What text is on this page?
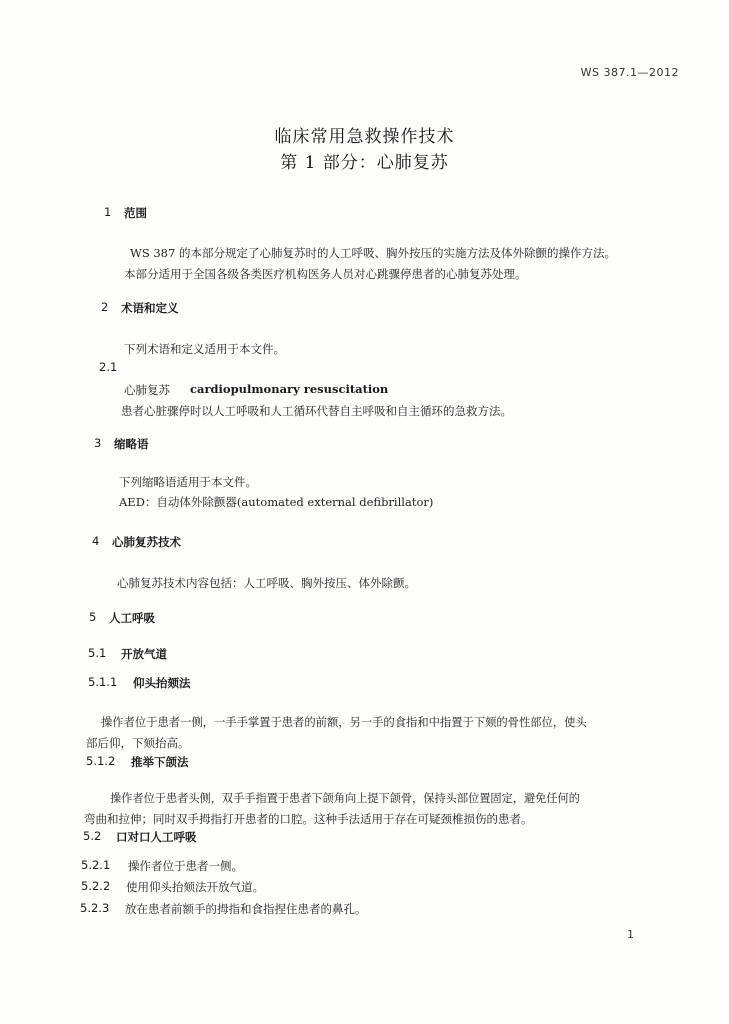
WS 387.1—2012
临床常用急救操作技术
第 1 部分：心肺复苏
1 范围
WS 387 的本部分规定了心肺复苏时的人工呼吸、胸外按压的实施方法及体外除颤的操作方法。
本部分适用于全国各级各类医疗机构医务人员对心跳骤停患者的心肺复苏处理。
2 术语和定义
下列术语和定义适用于本文件。
2.1
心肺复苏 cardiopulmonary resuscitation
患者心脏骤停时以人工呼吸和人工循环代替自主呼吸和自主循环的急救方法。
3 缩略语
下列缩略语适用于本文件。
AED：自动体外除颤器(automated external defibrillator)
4 心肺复苏技术
心肺复苏技术内容包括：人工呼吸、胸外按压、体外除颤。
5 人工呼吸
5.1 开放气道
5.1.1 仰头抬颏法
操作者位于患者一侧，一手手掌置于患者的前额，另一手的食指和中指置于下颏的骨性部位，使头
部后仰，下颏抬高。
5.1.2 推举下颌法
操作者位于患者头侧，双手手指置于患者下颌角向上提下颌骨，保持头部位置固定，避免任何的
弯曲和拉伸；同时双手拇指打开患者的口腔。这种手法适用于存在可疑颈椎损伤的患者。
5.2 口对口人工呼吸
5.2.1 操作者位于患者一侧。
5.2.2 使用仰头抬颏法开放气道。
5.2.3 放在患者前额手的拇指和食指捏住患者的鼻孔。
1
